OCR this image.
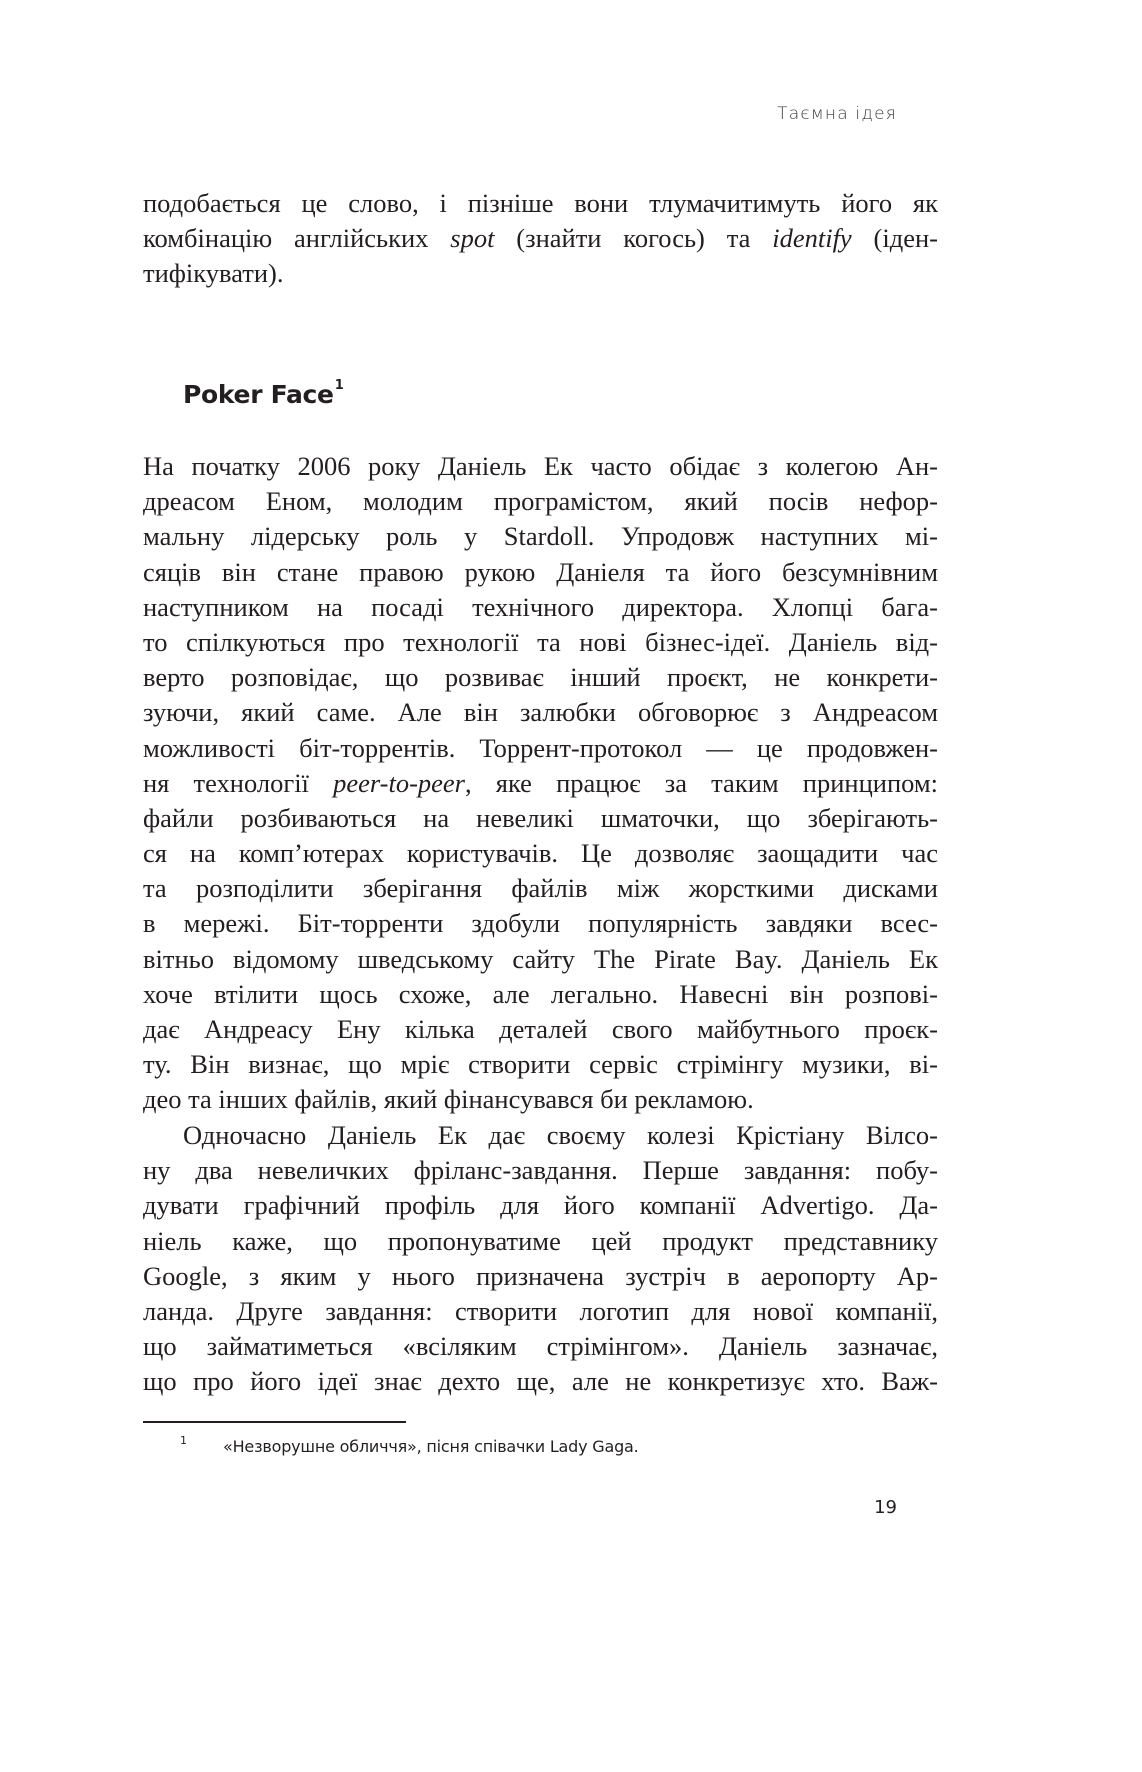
Таємна ідея
подобається це слово, і пізніше вони тлумачитимуть його як
комбінацію англійських spot (знайти когось) та identify (іден-
тифікувати).
Poker Face$^1$
На початку 2006 року Даніель Ек часто обідає з колегою Ан-
дреасом Еном, молодим програмістом, який посів нефор-
мальну лідерську роль у Stardoll. Упродовж наступних мі-
сяців він стане правою рукою Даніеля та його безсумнівним
наступником на посаді технічного директора. Хлопці бага-
то спілкуються про технології та нові бізнес-ідеї. Даніель від-
верто розповідає, що розвиває інший проєкт, не конкрети-
зуючи, який саме. Але він залюбки обговорює з Андреасом
можливості біт-торрентів. Торрент-протокол — це продовжен-
ня технології peer-to-peer, яке працює за таким принципом:
файли розбиваються на невеликі шматочки, що зберігають-
ся на комп’ютерах користувачів. Це дозволяє заощадити час
та розподілити зберігання файлів між жорсткими дисками
в мережі. Біт-торренти здобули популярність завдяки всес-
вітньо відомому шведському сайту The Pirate Bay. Даніель Ек
хоче втілити щось схоже, але легально. Навесні він розпові-
дає Андреасу Ену кілька деталей свого майбутнього проєк-
ту. Він визнає, що мріє створити сервіс стрімінгу музики, ві-
део та інших файлів, який фінансувався би рекламою.
Одночасно Даніель Ек дає своєму колезі Крістіану Вілсо-
ну два невеличких фріланс-завдання. Перше завдання: побу-
дувати графічний профіль для його компанії Advertigo. Да-
ніель каже, що пропонуватиме цей продукт представнику
Google, з яким у нього призначена зустріч в аеропорту Ар-
ланда. Друге завдання: створити логотип для нової компанії,
що займатиметься «всіляким стрімінгом». Даніель зазначає,
що про його ідеї знає дехто ще, але не конкретизує хто. Важ-
1 «Незворушне обличчя», пісня співачки Lady Gaga.
19
